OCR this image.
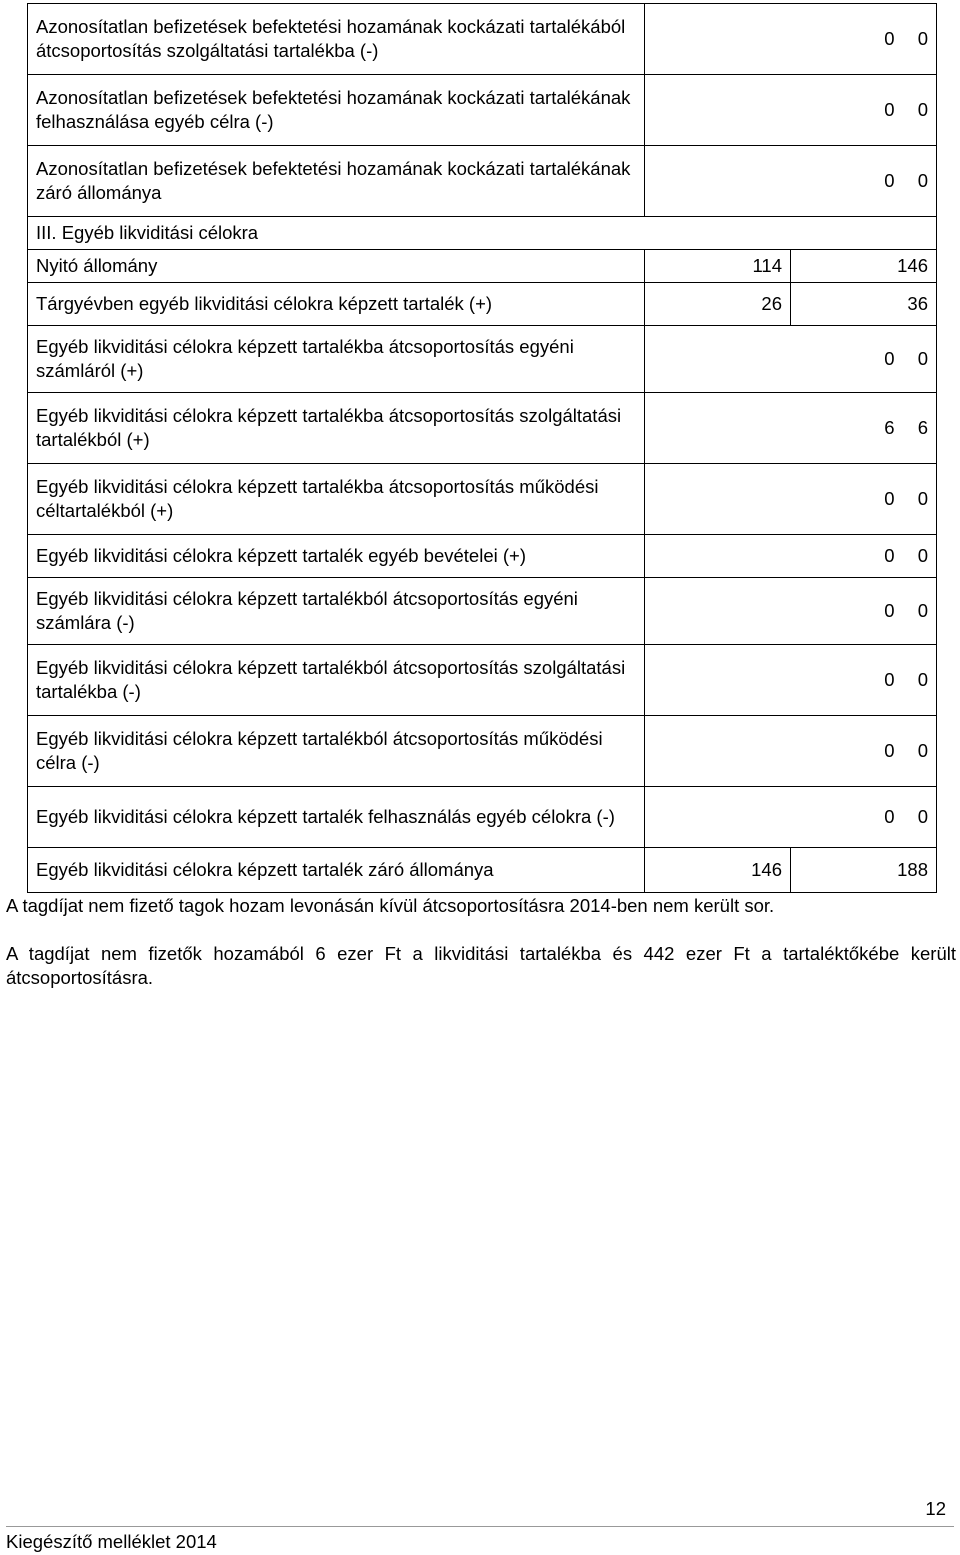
Azonosítatlan befizetések befektetési hozamának kockázati tartalékából átcsoportosítás szolgáltatási tartalékba (-)	0 0	
Azonosítatlan befizetések befektetési hozamának kockázati tartalékának felhasználása egyéb célra (-)	0 0	
Azonosítatlan befizetések befektetési hozamának kockázati tartalékának záró állománya	0 0	
III. Egyéb likviditási célokra		
Nyitó állomány	114	146
Tárgyévben egyéb likviditási célokra képzett tartalék (+)	26	36
Egyéb likviditási célokra képzett tartalékba átcsoportosítás egyéni számláról (+)	0 0	
Egyéb likviditási célokra képzett tartalékba átcsoportosítás szolgáltatási tartalékból (+)	6 6	
Egyéb likviditási célokra képzett tartalékba átcsoportosítás működési céltartalékból (+)	0 0	
Egyéb likviditási célokra képzett tartalék egyéb bevételei (+)	0 0	
Egyéb likviditási célokra képzett tartalékból átcsoportosítás egyéni számlára (-)	0 0	
Egyéb likviditási célokra képzett tartalékból átcsoportosítás szolgáltatási tartalékba (-)	0 0	
Egyéb likviditási célokra képzett tartalékból átcsoportosítás működési célra (-)	0 0	
Egyéb likviditási célokra képzett tartalék felhasználás egyéb célokra (-)	0 0	
Egyéb likviditási célokra képzett tartalék záró állománya	146	188
A tagdíjat nem fizető tagok hozam levonásán kívül átcsoportosításra 2014-ben nem került sor.
A tagdíjat nem fizetők hozamából 6 ezer Ft a likviditási tartalékba és 442 ezer Ft a tartaléktőkébe került átcsoportosításra.
12
Kiegészítő melléklet 2014
